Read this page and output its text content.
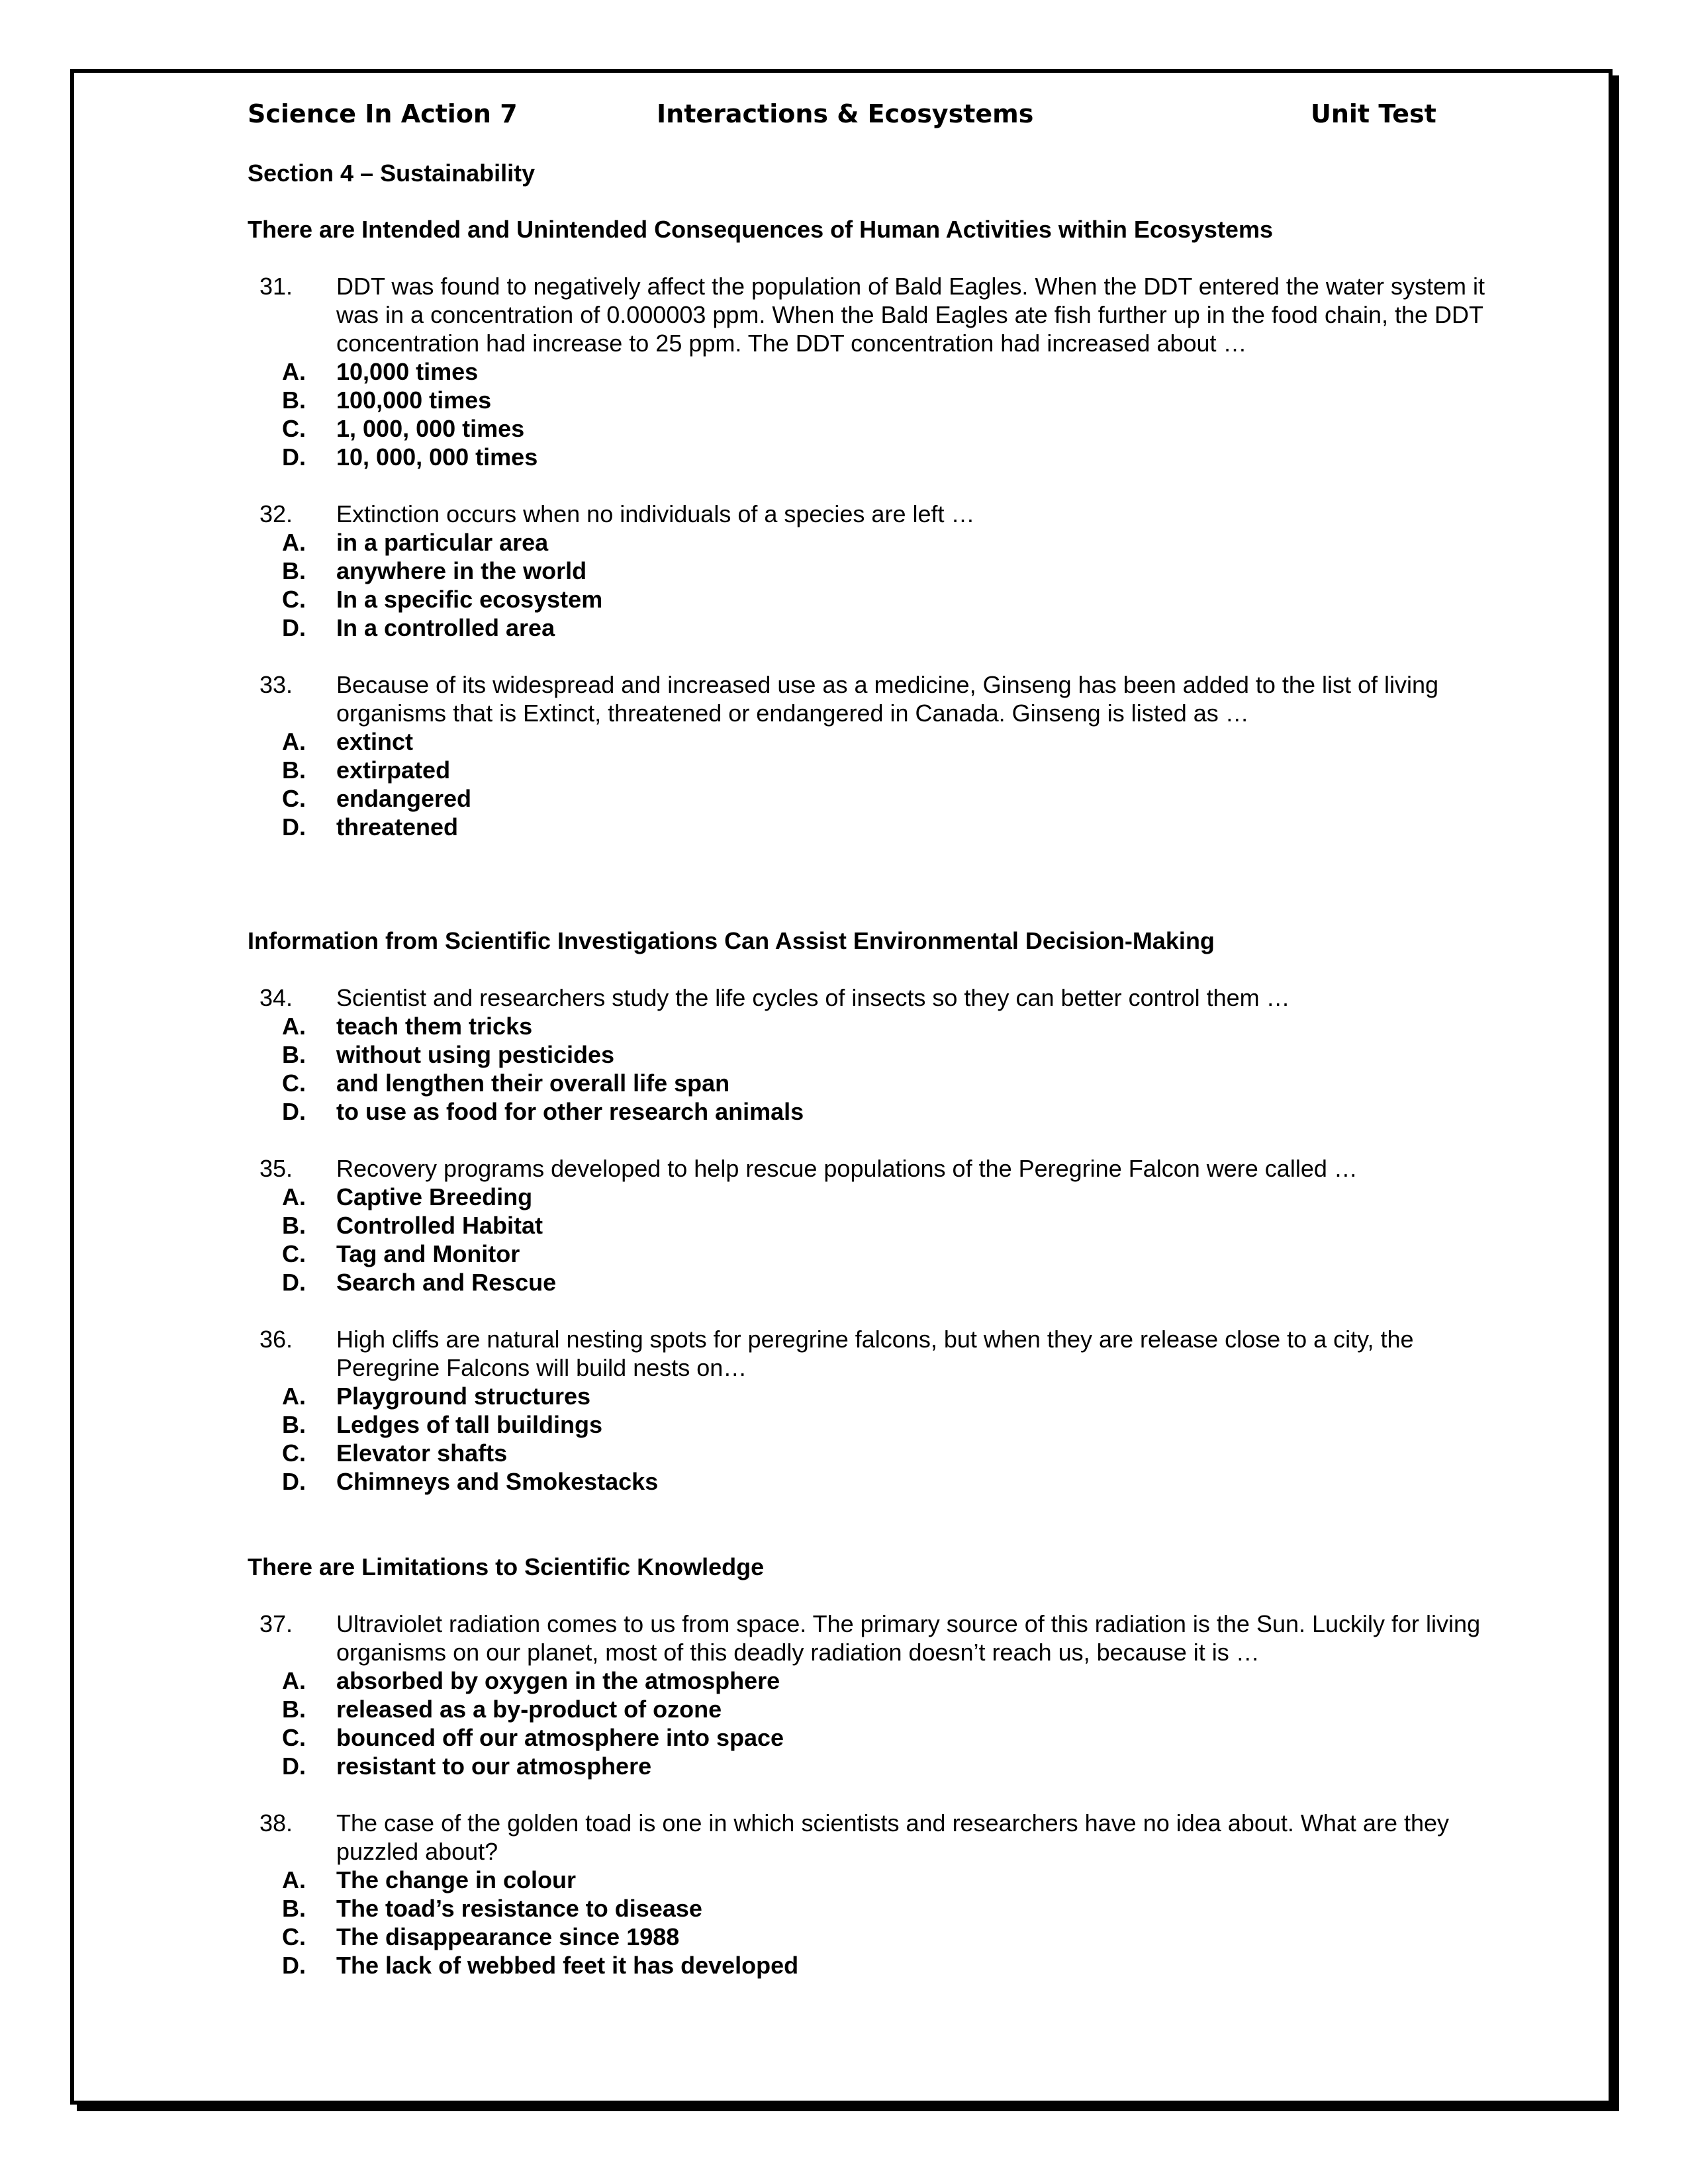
Science In Action 7	Interactions & Ecosystems	Unit Test
Section 4 – Sustainability
There are Intended and Unintended Consequences of Human Activities within Ecosystems
31. DDT was found to negatively affect the population of Bald Eagles. When the DDT entered the water system it was in a concentration of 0.000003 ppm. When the Bald Eagles ate fish further up in the food chain, the DDT concentration had increase to 25 ppm. The DDT concentration had increased about …
A. 10,000 times
B. 100,000 times
C. 1, 000, 000 times
D. 10, 000, 000 times
32. Extinction occurs when no individuals of a species are left …
A. in a particular area
B. anywhere in the world
C. In a specific ecosystem
D. In a controlled area
33. Because of its widespread and increased use as a medicine, Ginseng has been added to the list of living organisms that is Extinct, threatened or endangered in Canada. Ginseng is listed as …
A. extinct
B. extirpated
C. endangered
D. threatened
Information from Scientific Investigations Can Assist Environmental Decision-Making
34. Scientist and researchers study the life cycles of insects so they can better control them …
A. teach them tricks
B. without using pesticides
C. and lengthen their overall life span
D. to use as food for other research animals
35. Recovery programs developed to help rescue populations of the Peregrine Falcon were called …
A. Captive Breeding
B. Controlled Habitat
C. Tag and Monitor
D. Search and Rescue
36. High cliffs are natural nesting spots for peregrine falcons, but when they are release close to a city, the Peregrine Falcons will build nests on…
A. Playground structures
B. Ledges of tall buildings
C. Elevator shafts
D. Chimneys and Smokestacks
There are Limitations to Scientific Knowledge
37. Ultraviolet radiation comes to us from space. The primary source of this radiation is the Sun. Luckily for living organisms on our planet, most of this deadly radiation doesn’t reach us, because it is …
A. absorbed by oxygen in the atmosphere
B. released as a by-product of ozone
C. bounced off our atmosphere into space
D. resistant to our atmosphere
38. The case of the golden toad is one in which scientists and researchers have no idea about. What are they puzzled about?
A. The change in colour
B. The toad’s resistance to disease
C. The disappearance since 1988
D. The lack of webbed feet it has developed
